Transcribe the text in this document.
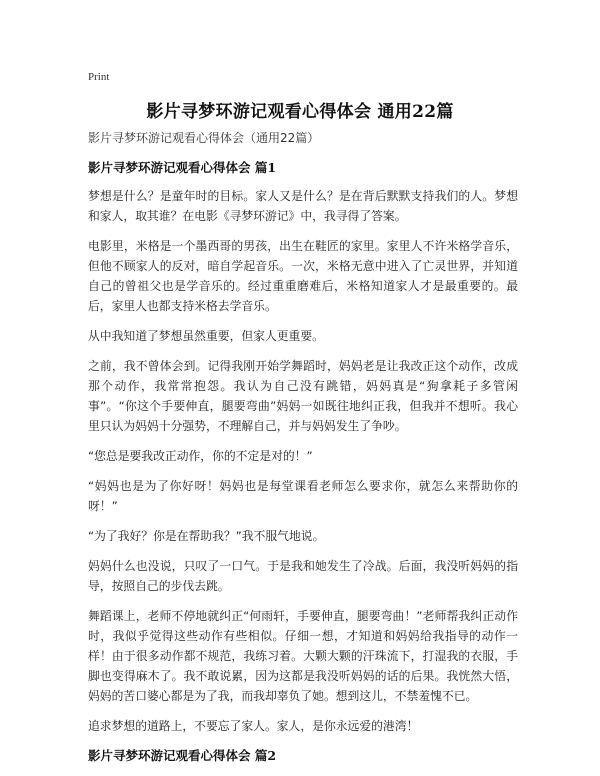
Print
影片寻梦环游记观看心得体会 通用22篇

影片寻梦环游记观看心得体会（通用22篇）

影片寻梦环游记观看心得体会 篇1

梦想是什么？是童年时的目标。家人又是什么？是在背后默默支持我们的人。梦想和家人，取其谁？在电影《寻梦环游记》中，我寻得了答案。

电影里，米格是一个墨西哥的男孩，出生在鞋匠的家里。家里人不许米格学音乐，但他不顾家人的反对，暗自学起音乐。一次，米格无意中进入了亡灵世界，并知道自己的曾祖父也是学音乐的。经过重重磨难后，米格知道家人才是最重要的。最后，家里人也都支持米格去学音乐。

从中我知道了梦想虽然重要，但家人更重要。

之前，我不曾体会到。记得我刚开始学舞蹈时，妈妈老是让我改正这个动作，改成那个动作，我常常抱怨。我认为自己没有跳错，妈妈真是“狗拿耗子多管闲事”。“你这个手要伸直，腿要弯曲”妈妈一如既往地纠正我，但我并不想听。我心里只认为妈妈十分强势，不理解自己，并与妈妈发生了争吵。

“您总是要我改正动作，你的不定是对的！”

“妈妈也是为了你好呀！妈妈也是每堂课看老师怎么要求你，就怎么来帮助你的呀！”

“为了我好？你是在帮助我？”我不服气地说。

妈妈什么也没说，只叹了一口气。于是我和她发生了冷战。后面，我没听妈妈的指导，按照自己的步伐去跳。

舞蹈课上，老师不停地就纠正“何雨轩，手要伸直，腿要弯曲！”老师帮我纠正动作时，我似乎觉得这些动作有些相似。仔细一想，才知道和妈妈给我指导的动作一样！由于很多动作都不规范，我练习着。大颗大颗的汗珠流下，打湿我的衣服，手脚也变得麻木了。我不敢说累，因为这都是我没听妈妈的话的后果。我恍然大悟，妈妈的苦口婆心都是为了我，而我却辜负了她。想到这儿，不禁羞愧不已。

追求梦想的道路上，不要忘了家人。家人，是你永远爱的港湾！

影片寻梦环游记观看心得体会 篇2
